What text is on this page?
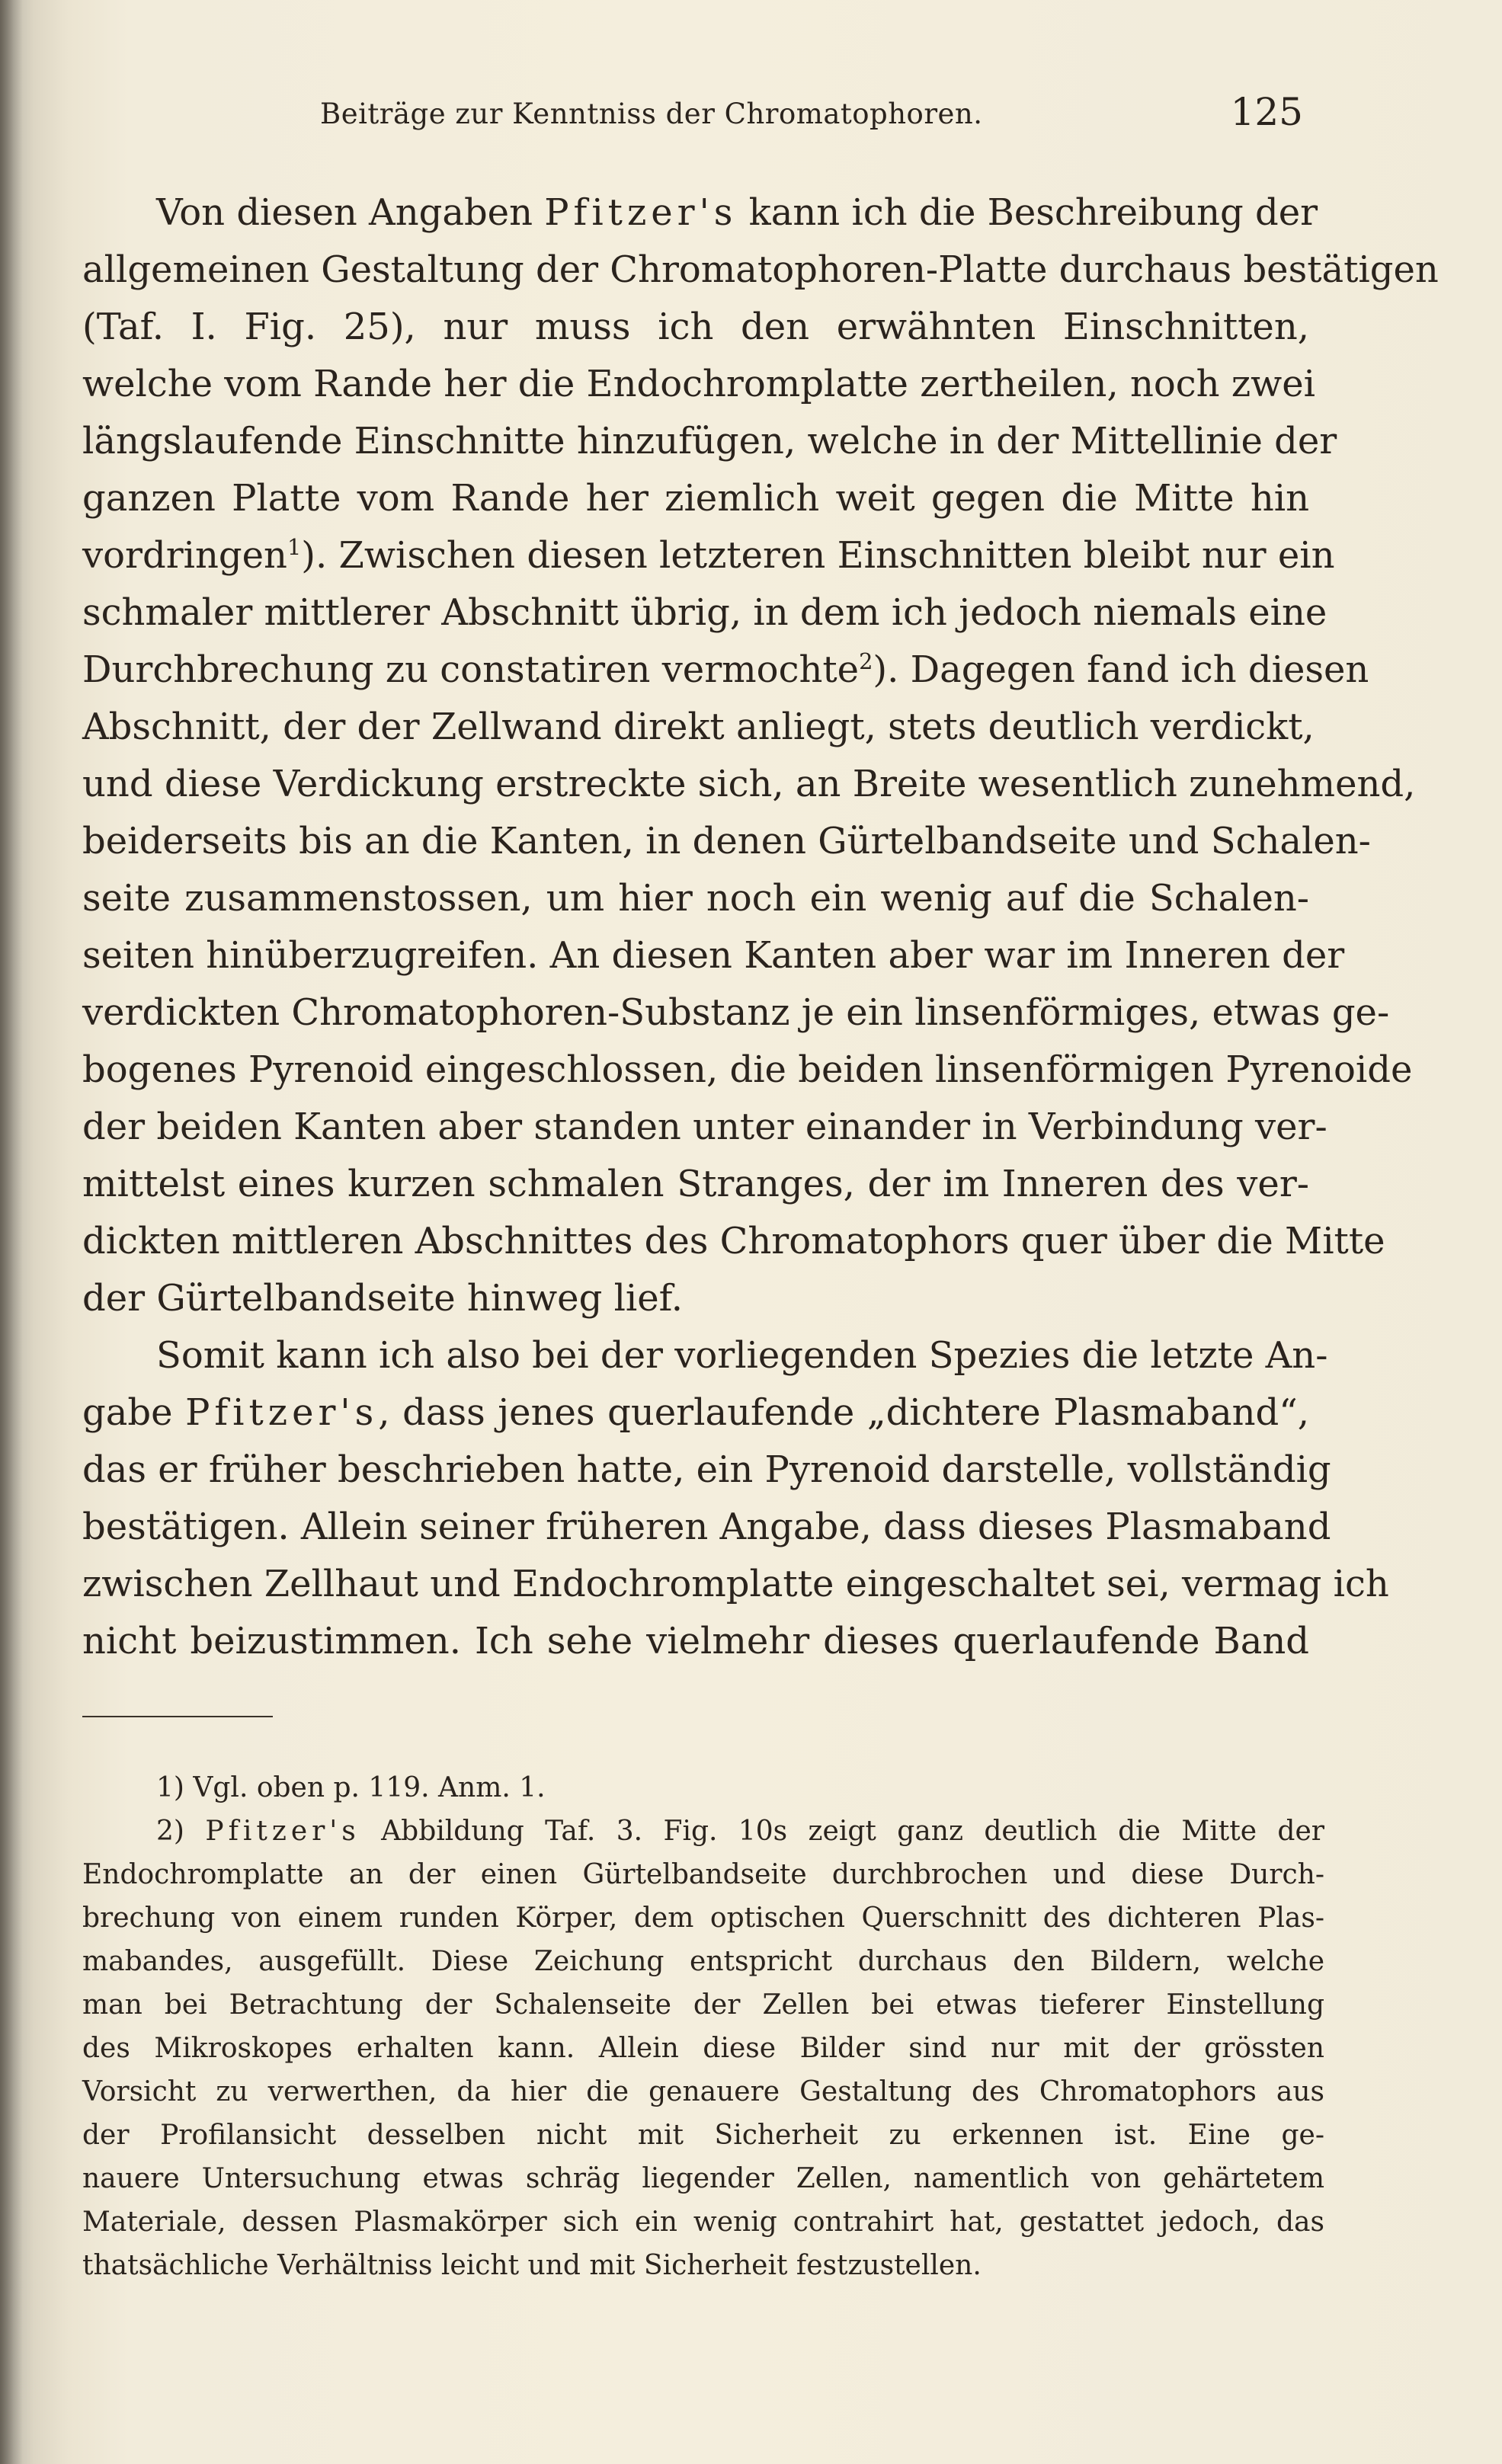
Beiträge zur Kenntniss der Chromatophoren.	125
Von diesen Angaben Pfitzer's kann ich die Beschreibung der
allgemeinen Gestaltung der Chromatophoren-Platte durchaus bestätigen
(Taf. I. Fig. 25), nur muss ich den erwähnten Einschnitten,
welche vom Rande her die Endochromplatte zertheilen, noch zwei
längslaufende Einschnitte hinzufügen, welche in der Mittellinie der
ganzen Platte vom Rande her ziemlich weit gegen die Mitte hin
vordringen$^1$). Zwischen diesen letzteren Einschnitten bleibt nur ein
schmaler mittlerer Abschnitt übrig, in dem ich jedoch niemals eine
Durchbrechung zu constatiren vermochte$^2$). Dagegen fand ich diesen
Abschnitt, der der Zellwand direkt anliegt, stets deutlich verdickt,
und diese Verdickung erstreckte sich, an Breite wesentlich zunehmend,
beiderseits bis an die Kanten, in denen Gürtelbandseite und Schalen-
seite zusammenstossen, um hier noch ein wenig auf die Schalen-
seiten hinüberzugreifen. An diesen Kanten aber war im Inneren der
verdickten Chromatophoren-Substanz je ein linsenförmiges, etwas ge-
bogenes Pyrenoid eingeschlossen, die beiden linsenförmigen Pyrenoide
der beiden Kanten aber standen unter einander in Verbindung ver-
mittelst eines kurzen schmalen Stranges, der im Inneren des ver-
dickten mittleren Abschnittes des Chromatophors quer über die Mitte
der Gürtelbandseite hinweg lief.
Somit kann ich also bei der vorliegenden Spezies die letzte An-
gabe Pfitzer's, dass jenes querlaufende „dichtere Plasmaband“,
das er früher beschrieben hatte, ein Pyrenoid darstelle, vollständig
bestätigen. Allein seiner früheren Angabe, dass dieses Plasmaband
zwischen Zellhaut und Endochromplatte eingeschaltet sei, vermag ich
nicht beizustimmen. Ich sehe vielmehr dieses querlaufende Band
1) Vgl. oben p. 119. Anm. 1.
2) Pfitzer's Abbildung Taf. 3. Fig. 10s zeigt ganz deutlich die Mitte der
Endochromplatte an der einen Gürtelbandseite durchbrochen und diese Durch-
brechung von einem runden Körper, dem optischen Querschnitt des dichteren Plas-
mabandes, ausgefüllt. Diese Zeichung entspricht durchaus den Bildern, welche
man bei Betrachtung der Schalenseite der Zellen bei etwas tieferer Einstellung
des Mikroskopes erhalten kann. Allein diese Bilder sind nur mit der grössten
Vorsicht zu verwerthen, da hier die genauere Gestaltung des Chromatophors aus
der Profilansicht desselben nicht mit Sicherheit zu erkennen ist. Eine ge-
nauere Untersuchung etwas schräg liegender Zellen, namentlich von gehärtetem
Materiale, dessen Plasmakörper sich ein wenig contrahirt hat, gestattet jedoch, das
thatsächliche Verhältniss leicht und mit Sicherheit festzustellen.
